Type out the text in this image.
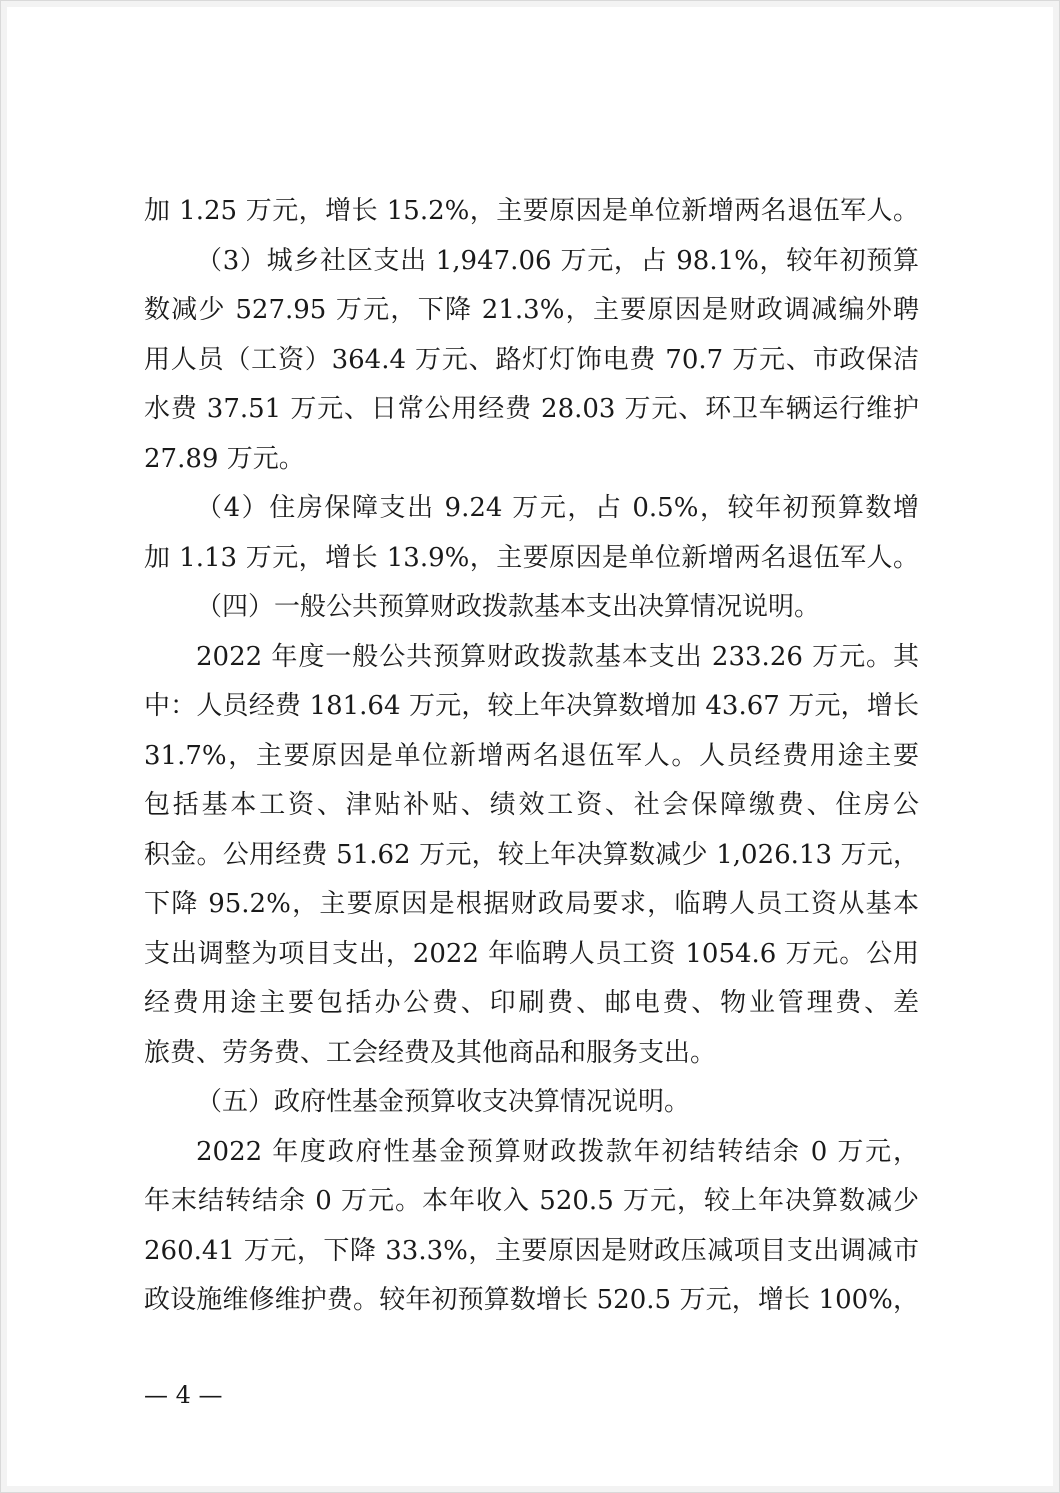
加 1.25 万元，增长 15.2%，主要原因是单位新增两名退伍军人。
（3）城乡社区支出 1,947.06 万元，占 98.1%，较年初预算
数减少 527.95 万元，下降 21.3%，主要原因是财政调减编外聘
用人员（工资）364.4 万元、路灯灯饰电费 70.7 万元、市政保洁
水费 37.51 万元、日常公用经费 28.03 万元、环卫车辆运行维护
27.89 万元。
（4）住房保障支出 9.24 万元，占 0.5%，较年初预算数增
加 1.13 万元，增长 13.9%，主要原因是单位新增两名退伍军人。
（四）一般公共预算财政拨款基本支出决算情况说明。
2022 年度一般公共预算财政拨款基本支出 233.26 万元。其
中：人员经费 181.64 万元，较上年决算数增加 43.67 万元，增长
31.7%，主要原因是单位新增两名退伍军人。人员经费用途主要
包括基本工资、津贴补贴、绩效工资、社会保障缴费、住房公
积金。公用经费 51.62 万元，较上年决算数减少 1,026.13 万元，
下降 95.2%，主要原因是根据财政局要求，临聘人员工资从基本
支出调整为项目支出，2022 年临聘人员工资 1054.6 万元。公用
经费用途主要包括办公费、印刷费、邮电费、物业管理费、差
旅费、劳务费、工会经费及其他商品和服务支出。
（五）政府性基金预算收支决算情况说明。
2022 年度政府性基金预算财政拨款年初结转结余 0 万元，
年末结转结余 0 万元。本年收入 520.5 万元，较上年决算数减少
260.41 万元，下降 33.3%，主要原因是财政压减项目支出调减市
政设施维修维护费。较年初预算数增长 520.5 万元，增长 100%，
— 4 —
